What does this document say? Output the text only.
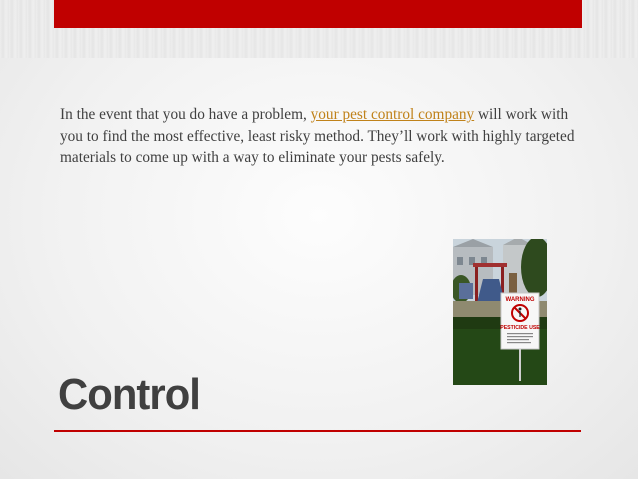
In the event that you do have a problem, your pest control company will work with you to find the most effective, least risky method. They’ll work with highly targeted materials to come up with a way to eliminate your pests safely.
WARNING
PESTICIDE USE
Control
